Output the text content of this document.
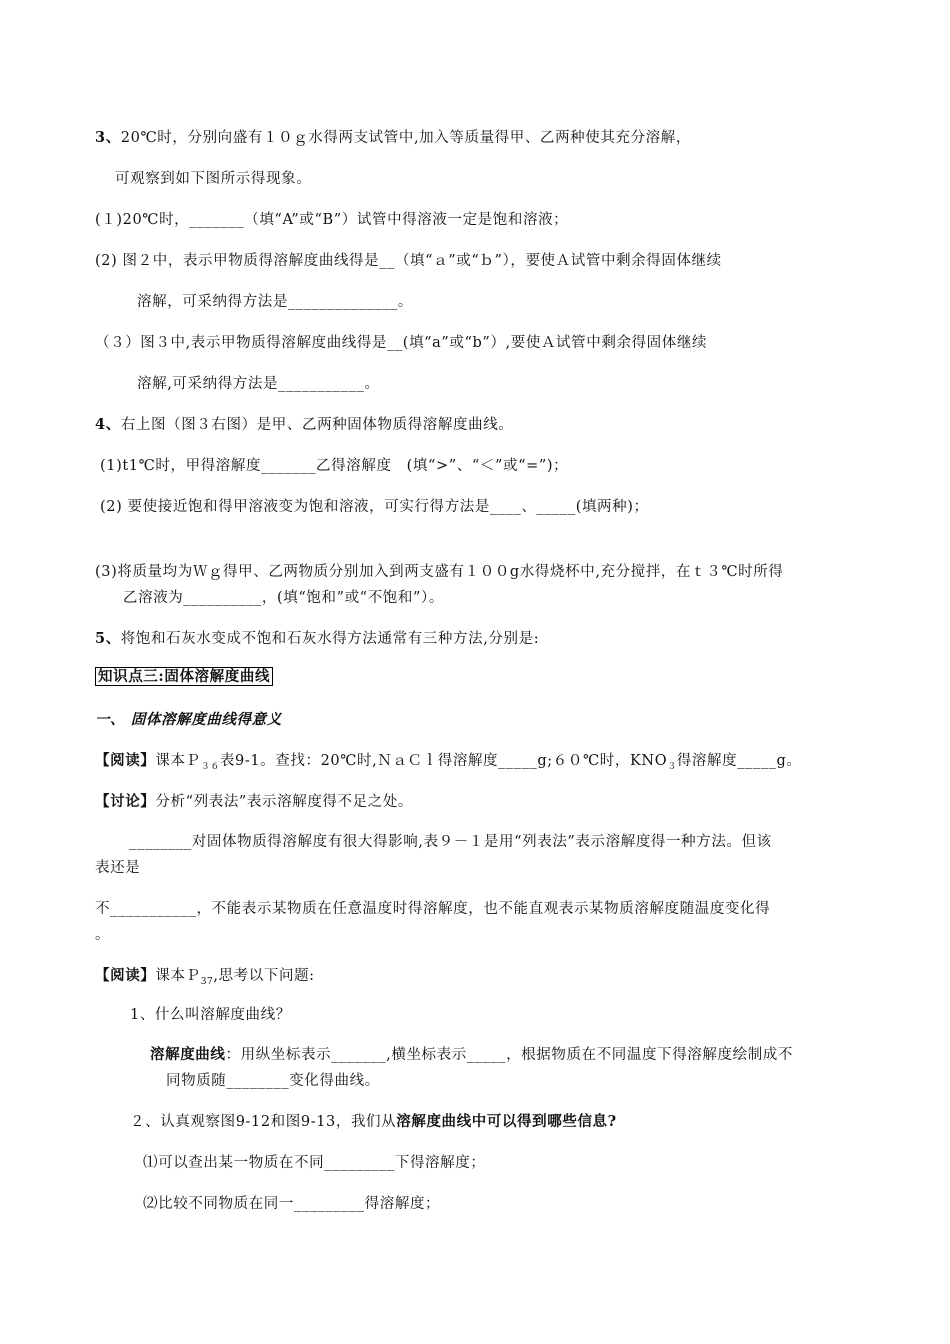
3、20℃时，分别向盛有１０ｇ水得两支试管中,加入等质量得甲、乙两种使其充分溶解，
可观察到如下图所示得现象。
(１)20℃时，_______（填“A”或“B”）试管中得溶液一定是饱和溶液；
(2) 图２中，表示甲物质得溶解度曲线得是__（填“ａ”或“ｂ”），要使Ａ试管中剩余得固体继续
溶解，可采纳得方法是______________。
（３）图３中,表示甲物质得溶解度曲线得是__(填“a”或“b”）,要使Ａ试管中剩余得固体继续
溶解,可采纳得方法是___________。
4、右上图（图３右图）是甲、乙两种固体物质得溶解度曲线。
(1)t1℃时，甲得溶解度_______乙得溶解度　(填“>”、“＜”或“=”)；
(2) 要使接近饱和得甲溶液变为饱和溶液，可实行得方法是____、_____(填两种)；
(3)将质量均为Ｗｇ得甲、乙两物质分别加入到两支盛有１００g水得烧杯中,充分搅拌，在ｔ３℃时所得
乙溶液为__________，(填“饱和”或“不饱和”）。
5、将饱和石灰水变成不饱和石灰水得方法通常有三种方法,分别是:
知识点三:固体溶解度曲线
一、 固体溶解度曲线得意义
【阅读】课本Ｐ$_{36}$表9-1。查找：20℃时,ＮａＣｌ得溶解度_____g;６０℃时，$KNO_3$得溶解度_____g。
【讨论】分析“列表法”表示溶解度得不足之处。
________对固体物质得溶解度有很大得影响,表９－１是用“列表法”表示溶解度得一种方法。但该
表还是
不___________，不能表示某物质在任意温度时得溶解度，也不能直观表示某物质溶解度随温度变化得
。
【阅读】课本Ｐ$_{37}$,思考以下问题:
1、什么叫溶解度曲线？
溶解度曲线：用纵坐标表示_______,横坐标表示_____，根据物质在不同温度下得溶解度绘制成不
同物质随________变化得曲线。
２、认真观察图9-12和图9-13，我们从溶解度曲线中可以得到哪些信息?
⑴可以查出某一物质在不同_________下得溶解度；
⑵比较不同物质在同一_________得溶解度；
